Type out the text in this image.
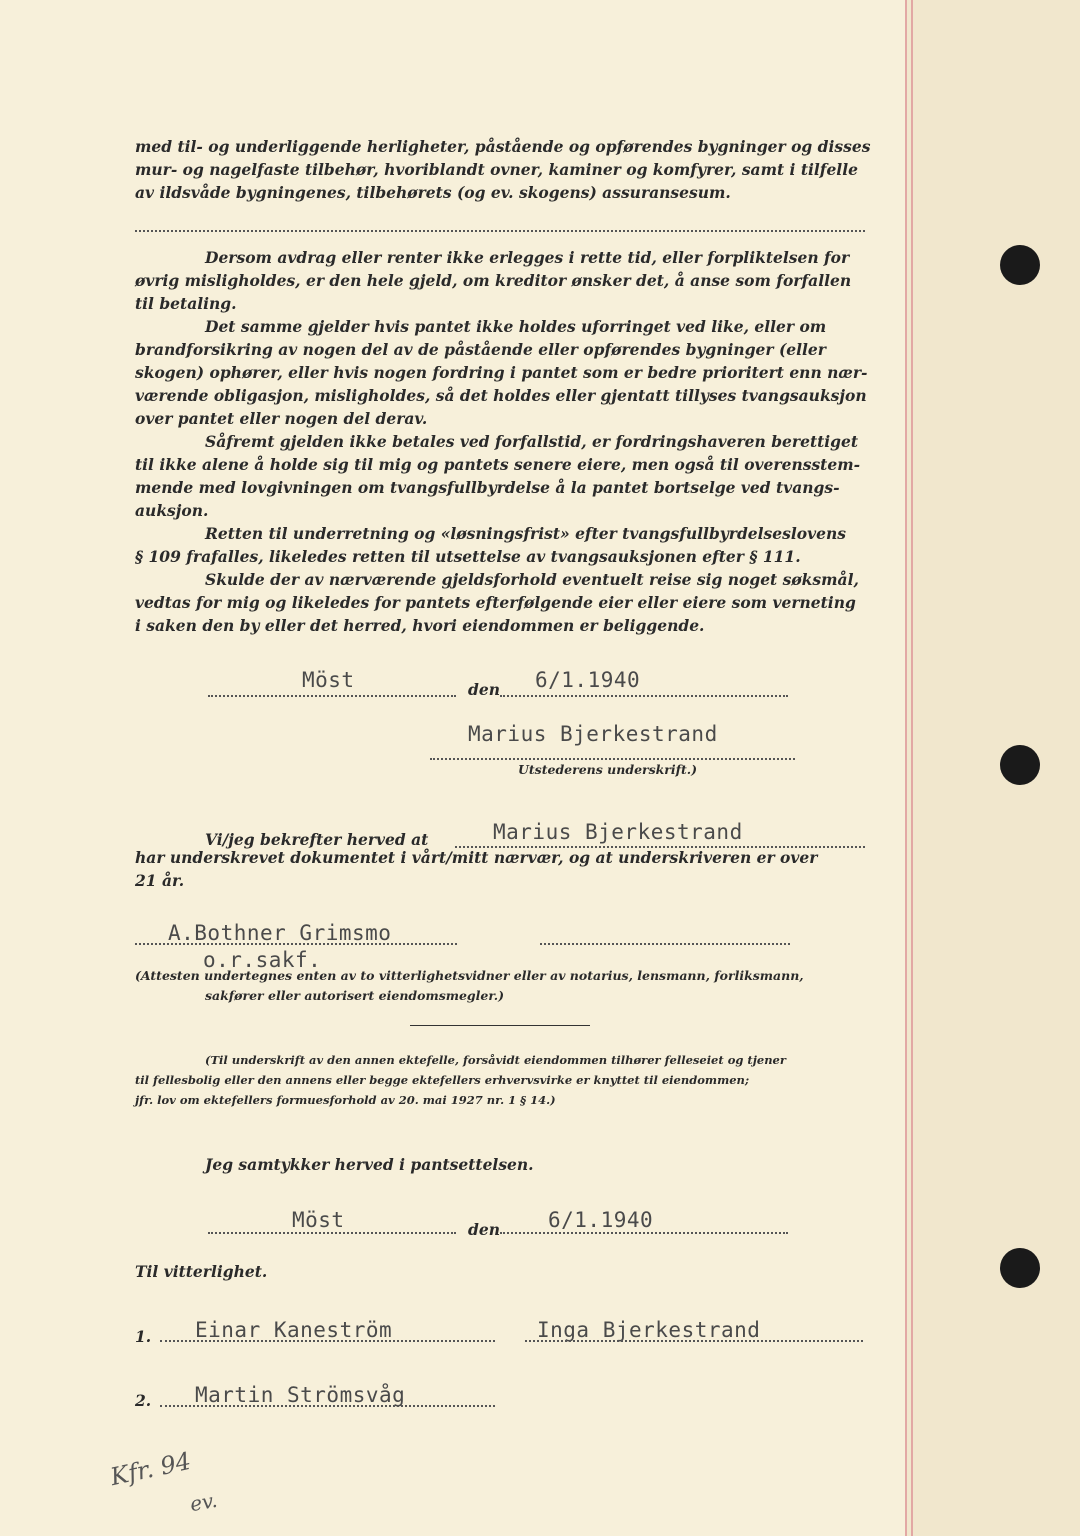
med til- og underliggende herligheter, påstående og opførendes bygninger og disses
mur- og nagelfaste tilbehør, hvoriblandt ovner, kaminer og komfyrer, samt i tilfelle
av ildsvåde bygningenes, tilbehørets (og ev. skogens) assuransesum.
Dersom avdrag eller renter ikke erlegges i rette tid, eller forpliktelsen for
øvrig misligholdes, er den hele gjeld, om kreditor ønsker det, å anse som forfallen
til betaling.
Det samme gjelder hvis pantet ikke holdes uforringet ved like, eller om
brandforsikring av nogen del av de påstående eller opførendes bygninger (eller
skogen) ophører, eller hvis nogen fordring i pantet som er bedre prioritert enn nær-
værende obligasjon, misligholdes, så det holdes eller gjentatt tillyses tvangsauksjon
over pantet eller nogen del derav.
Såfremt gjelden ikke betales ved forfallstid, er fordringshaveren berettiget
til ikke alene å holde sig til mig og pantets senere eiere, men også til overensstem-
mende med lovgivningen om tvangsfullbyrdelse å la pantet bortselge ved tvangs-
auksjon.
Retten til underretning og «løsningsfrist» efter tvangsfullbyrdelseslovens
§ 109 frafalles, likeledes retten til utsettelse av tvangsauksjonen efter § 111.
Skulde der av nærværende gjeldsforhold eventuelt reise sig noget søksmål,
vedtas for mig og likeledes for pantets efterfølgende eier eller eiere som verneting
i saken den by eller det herred, hvori eiendommen er beliggende.
Möst	den 6/1.1940
Marius Bjerkestrand
Utstederens underskrift.)
Vi/jeg bekrefter herved at	Marius Bjerkestrand
har underskrevet dokumentet i vårt/mitt nærvær, og at underskriveren er over
21 år.
A.Bothner Grimsmo
o.r.sakf.
(Attesten undertegnes enten av to vitterlighetsvidner eller av notarius, lensmann, forliksmann,
sakfører eller autorisert eiendomsmegler.)
(Til underskrift av den annen ektefelle, forsåvidt eiendommen tilhører felleseiet og tjener
til fellesbolig eller den annens eller begge ektefellers erhvervsvirke er knyttet til eiendommen;
jfr. lov om ektefellers formuesforhold av 20. mai 1927 nr. 1 § 14.)
Jeg samtykker herved i pantsettelsen.
Möst	den 6/1.1940
Til vitterlighet.
1. Einar Kaneström	Inga Bjerkestrand
2. Martin Strömsvåg
Kfr. 94
ev.
